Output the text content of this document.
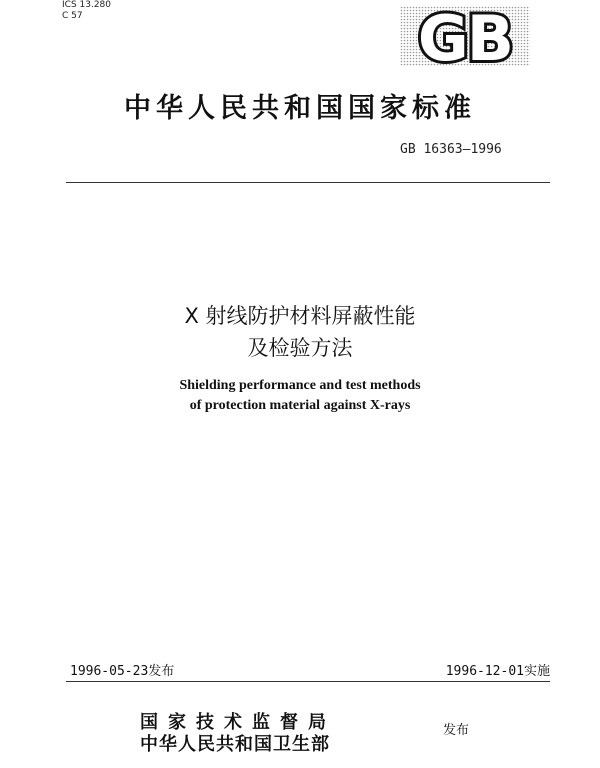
ICS 13.280
C 57	GB
中华人民共和国国家标准
GB 16363—1996
X 射线防护材料屏蔽性能
及检验方法
Shielding performance and test methods
of protection material against X-rays
1996-05-23发布	1996-12-01实施
国家技术监督局
中华人民共和国卫生部
发布
